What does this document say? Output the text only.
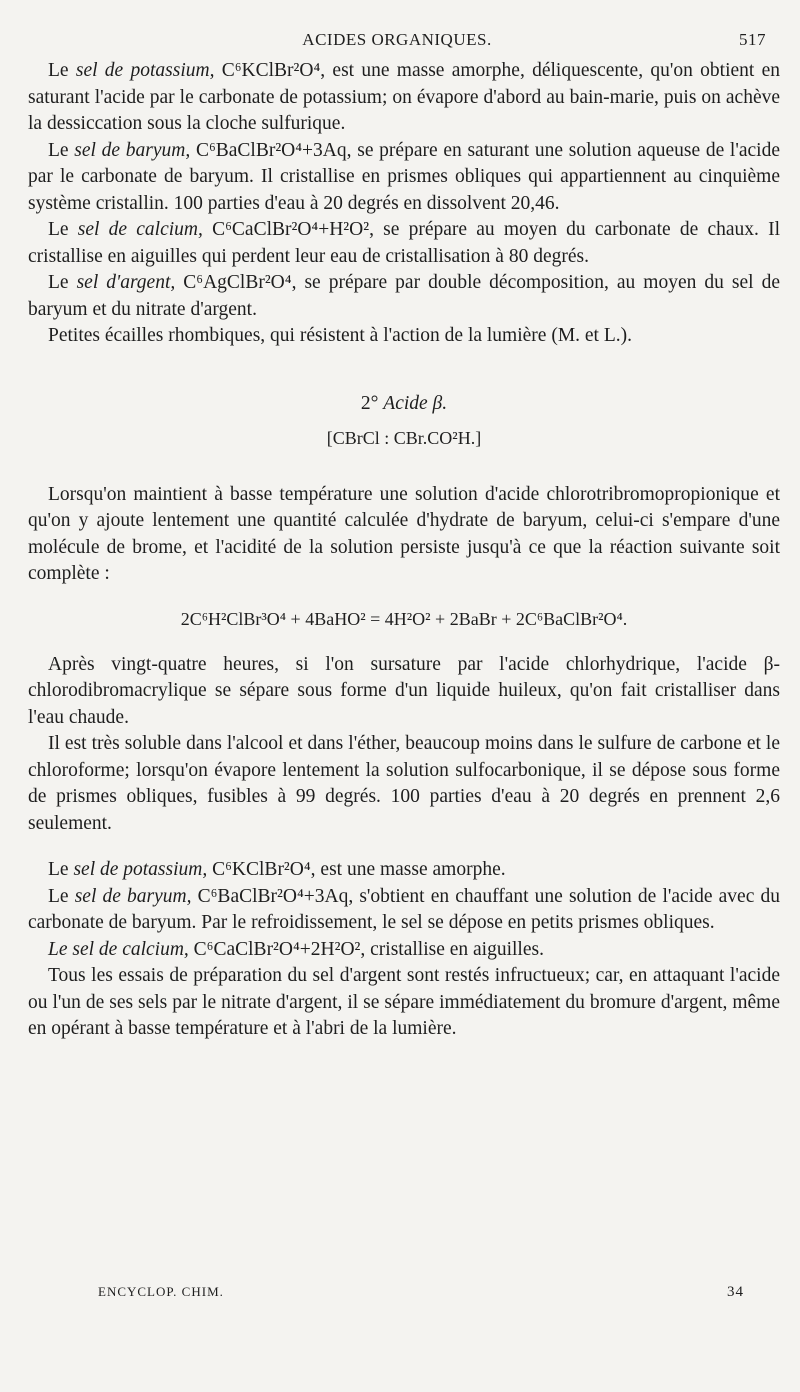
ACIDES ORGANIQUES.	517

Le sel de potassium, C⁶KClBr²O⁴, est une masse amorphe, déliquescente, qu'on obtient en saturant l'acide par le carbonate de potassium; on évapore d'abord au bain-marie, puis on achève la dessiccation sous la cloche sulfurique.

Le sel de baryum, C⁶BaClBr²O⁴+3Aq, se prépare en saturant une solution aqueuse de l'acide par le carbonate de baryum. Il cristallise en prismes obliques qui appartiennent au cinquième système cristallin. 100 parties d'eau à 20 degrés en dissolvent 20,46.

Le sel de calcium, C⁶CaClBr²O⁴+H²O², se prépare au moyen du carbonate de chaux. Il cristallise en aiguilles qui perdent leur eau de cristallisation à 80 degrés.

Le sel d'argent, C⁶AgClBr²O⁴, se prépare par double décomposition, au moyen du sel de baryum et du nitrate d'argent.

Petites écailles rhombiques, qui résistent à l'action de la lumière (M. et L.).

2° Acide β.
[CBrCl : CBr.CO²H.]

Lorsqu'on maintient à basse température une solution d'acide chlorotribromopropionique et qu'on y ajoute lentement une quantité calculée d'hydrate de baryum, celui-ci s'empare d'une molécule de brome, et l'acidité de la solution persiste jusqu'à ce que la réaction suivante soit complète :

2C⁶H²ClBr³O⁴ + 4BaHO² = 4H²O² + 2BaBr + 2C⁶BaClBr²O⁴.

Après vingt-quatre heures, si l'on sursature par l'acide chlorhydrique, l'acide β-chlorodibromacrylique se sépare sous forme d'un liquide huileux, qu'on fait cristalliser dans l'eau chaude.

Il est très soluble dans l'alcool et dans l'éther, beaucoup moins dans le sulfure de carbone et le chloroforme; lorsqu'on évapore lentement la solution sulfocarbonique, il se dépose sous forme de prismes obliques, fusibles à 99 degrés. 100 parties d'eau à 20 degrés en prennent 2,6 seulement.

Le sel de potassium, C⁶KClBr²O⁴, est une masse amorphe.

Le sel de baryum, C⁶BaClBr²O⁴+3Aq, s'obtient en chauffant une solution de l'acide avec du carbonate de baryum. Par le refroidissement, le sel se dépose en petits prismes obliques.

Le sel de calcium, C⁶CaClBr²O⁴+2H²O², cristallise en aiguilles.

Tous les essais de préparation du sel d'argent sont restés infructueux; car, en attaquant l'acide ou l'un de ses sels par le nitrate d'argent, il se sépare immédiatement du bromure d'argent, même en opérant à basse température et à l'abri de la lumière.

ENCYCLOP. CHIM.	34
